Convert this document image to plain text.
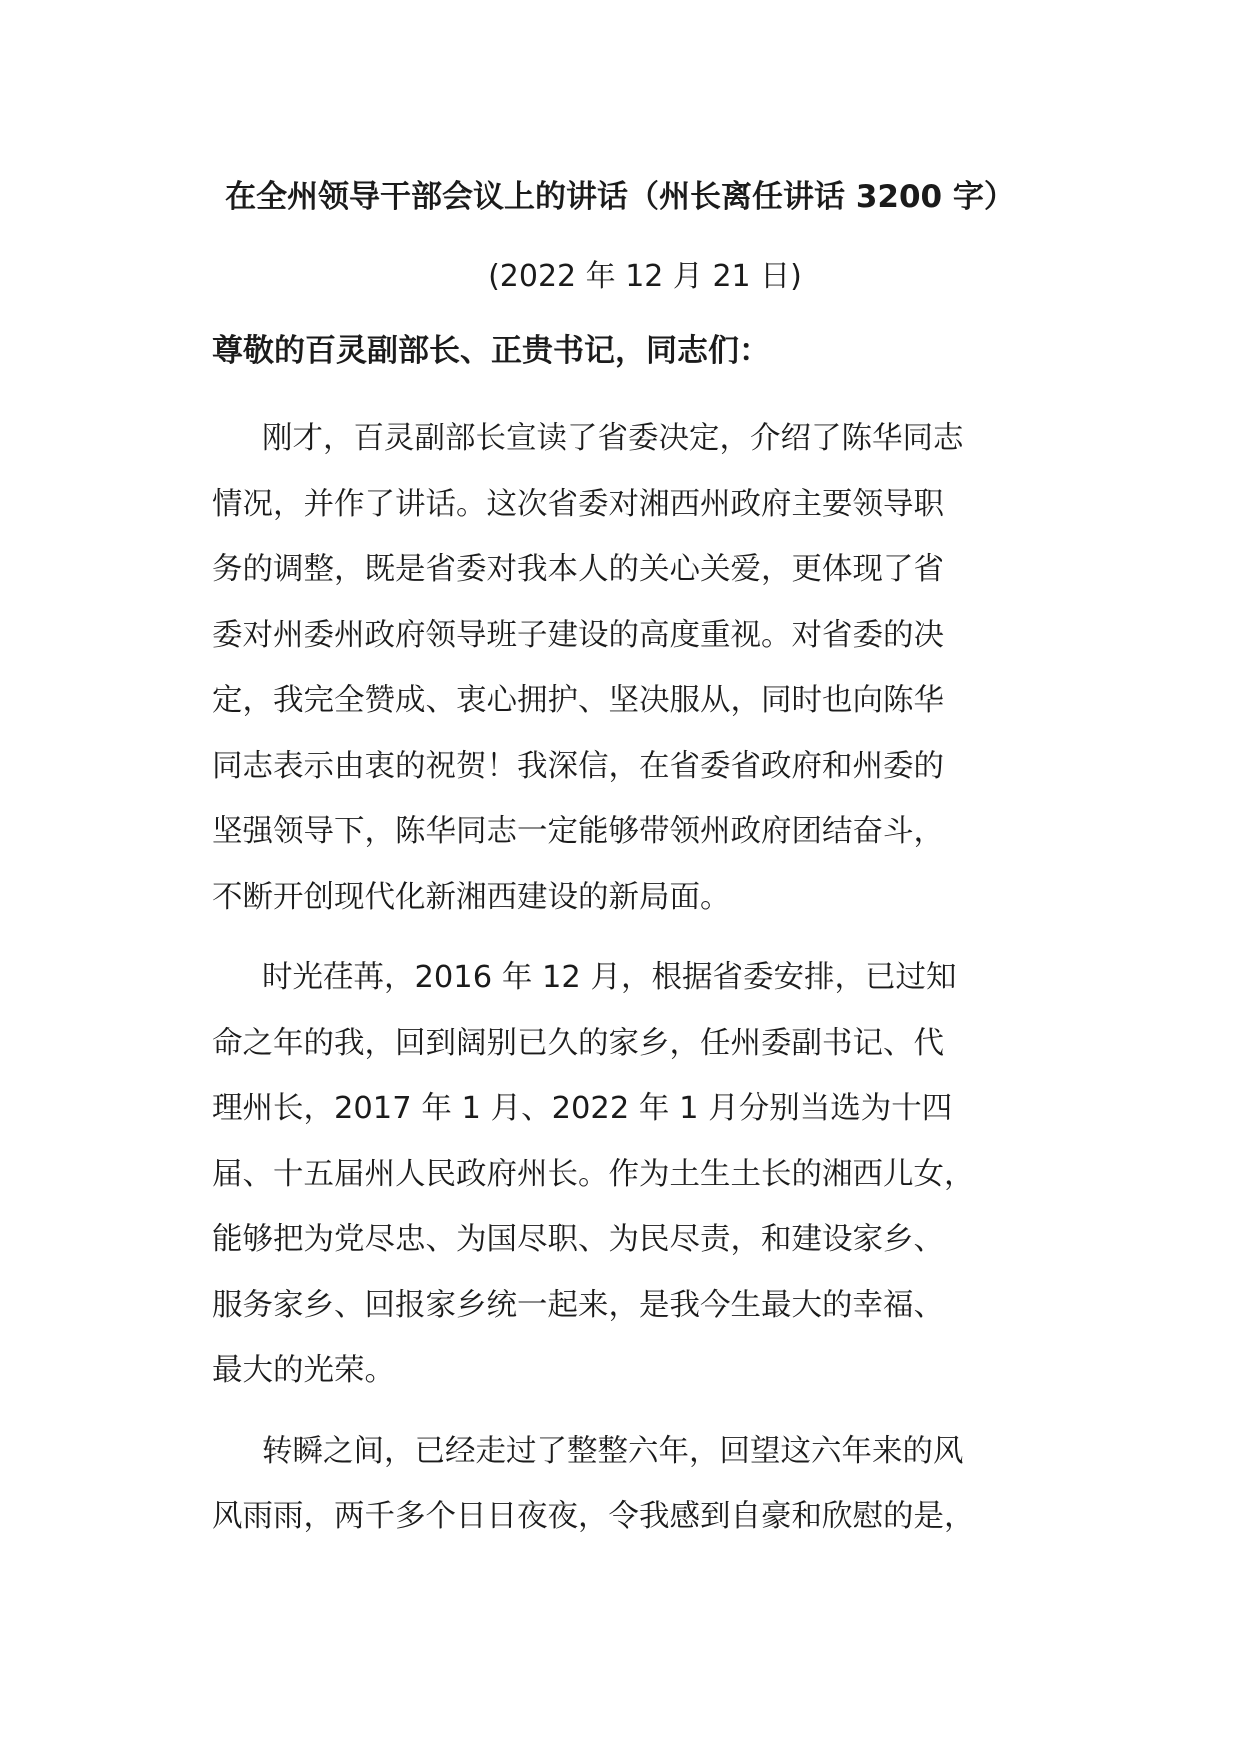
在全州领导干部会议上的讲话（州长离任讲话 3200 字）
(2022 年 12 月 21 日)
尊敬的百灵副部长、正贵书记，同志们：
刚才，百灵副部长宣读了省委决定，介绍了陈华同志
情况，并作了讲话。这次省委对湘西州政府主要领导职
务的调整，既是省委对我本人的关心关爱，更体现了省
委对州委州政府领导班子建设的高度重视。对省委的决
定，我完全赞成、衷心拥护、坚决服从，同时也向陈华
同志表示由衷的祝贺！我深信，在省委省政府和州委的
坚强领导下，陈华同志一定能够带领州政府团结奋斗，
不断开创现代化新湘西建设的新局面。
时光荏苒，2016 年 12 月，根据省委安排，已过知
命之年的我，回到阔别已久的家乡，任州委副书记、代
理州长，2017 年 1 月、2022 年 1 月分别当选为十四
届、十五届州人民政府州长。作为土生土长的湘西儿女，
能够把为党尽忠、为国尽职、为民尽责，和建设家乡、
服务家乡、回报家乡统一起来，是我今生最大的幸福、
最大的光荣。
转瞬之间，已经走过了整整六年，回望这六年来的风
风雨雨，两千多个日日夜夜，令我感到自豪和欣慰的是，
